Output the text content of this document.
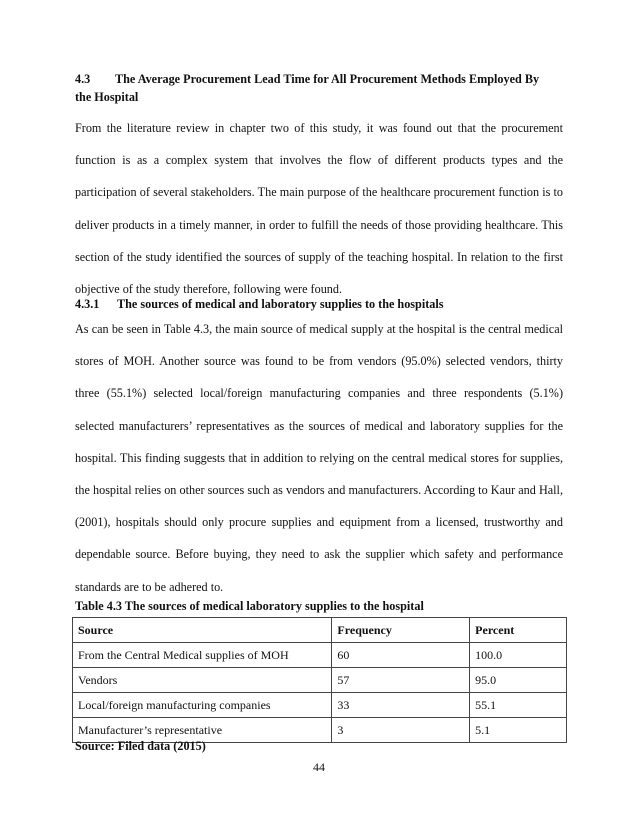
4.3 The Average Procurement Lead Time for All Procurement Methods Employed By

the Hospital

From the literature review in chapter two of this study, it was found out that the procurement function is as a complex system that involves the flow of different products types and the participation of several stakeholders. The main purpose of the healthcare procurement function is to deliver products in a timely manner, in order to fulfill the needs of those providing healthcare. This section of the study identified the sources of supply of the teaching hospital. In relation to the first objective of the study therefore, following were found.

4.3.1 The sources of medical and laboratory supplies to the hospitals

As can be seen in Table 4.3, the main source of medical supply at the hospital is the central medical stores of MOH. Another source was found to be from vendors (95.0%) selected vendors, thirty three (55.1%) selected local/foreign manufacturing companies and three respondents (5.1%) selected manufacturers’ representatives as the sources of medical and laboratory supplies for the hospital. This finding suggests that in addition to relying on the central medical stores for supplies, the hospital relies on other sources such as vendors and manufacturers. According to Kaur and Hall, (2001), hospitals should only procure supplies and equipment from a licensed, trustworthy and dependable source. Before buying, they need to ask the supplier which safety and performance standards are to be adhered to.

Table 4.3 The sources of medical laboratory supplies to the hospital

Source	Frequency	Percent
From the Central Medical supplies of MOH	60	100.0
Vendors	57	95.0
Local/foreign manufacturing companies	33	55.1
Manufacturer’s representative	3	5.1

Source: Filed data (2015)

44
